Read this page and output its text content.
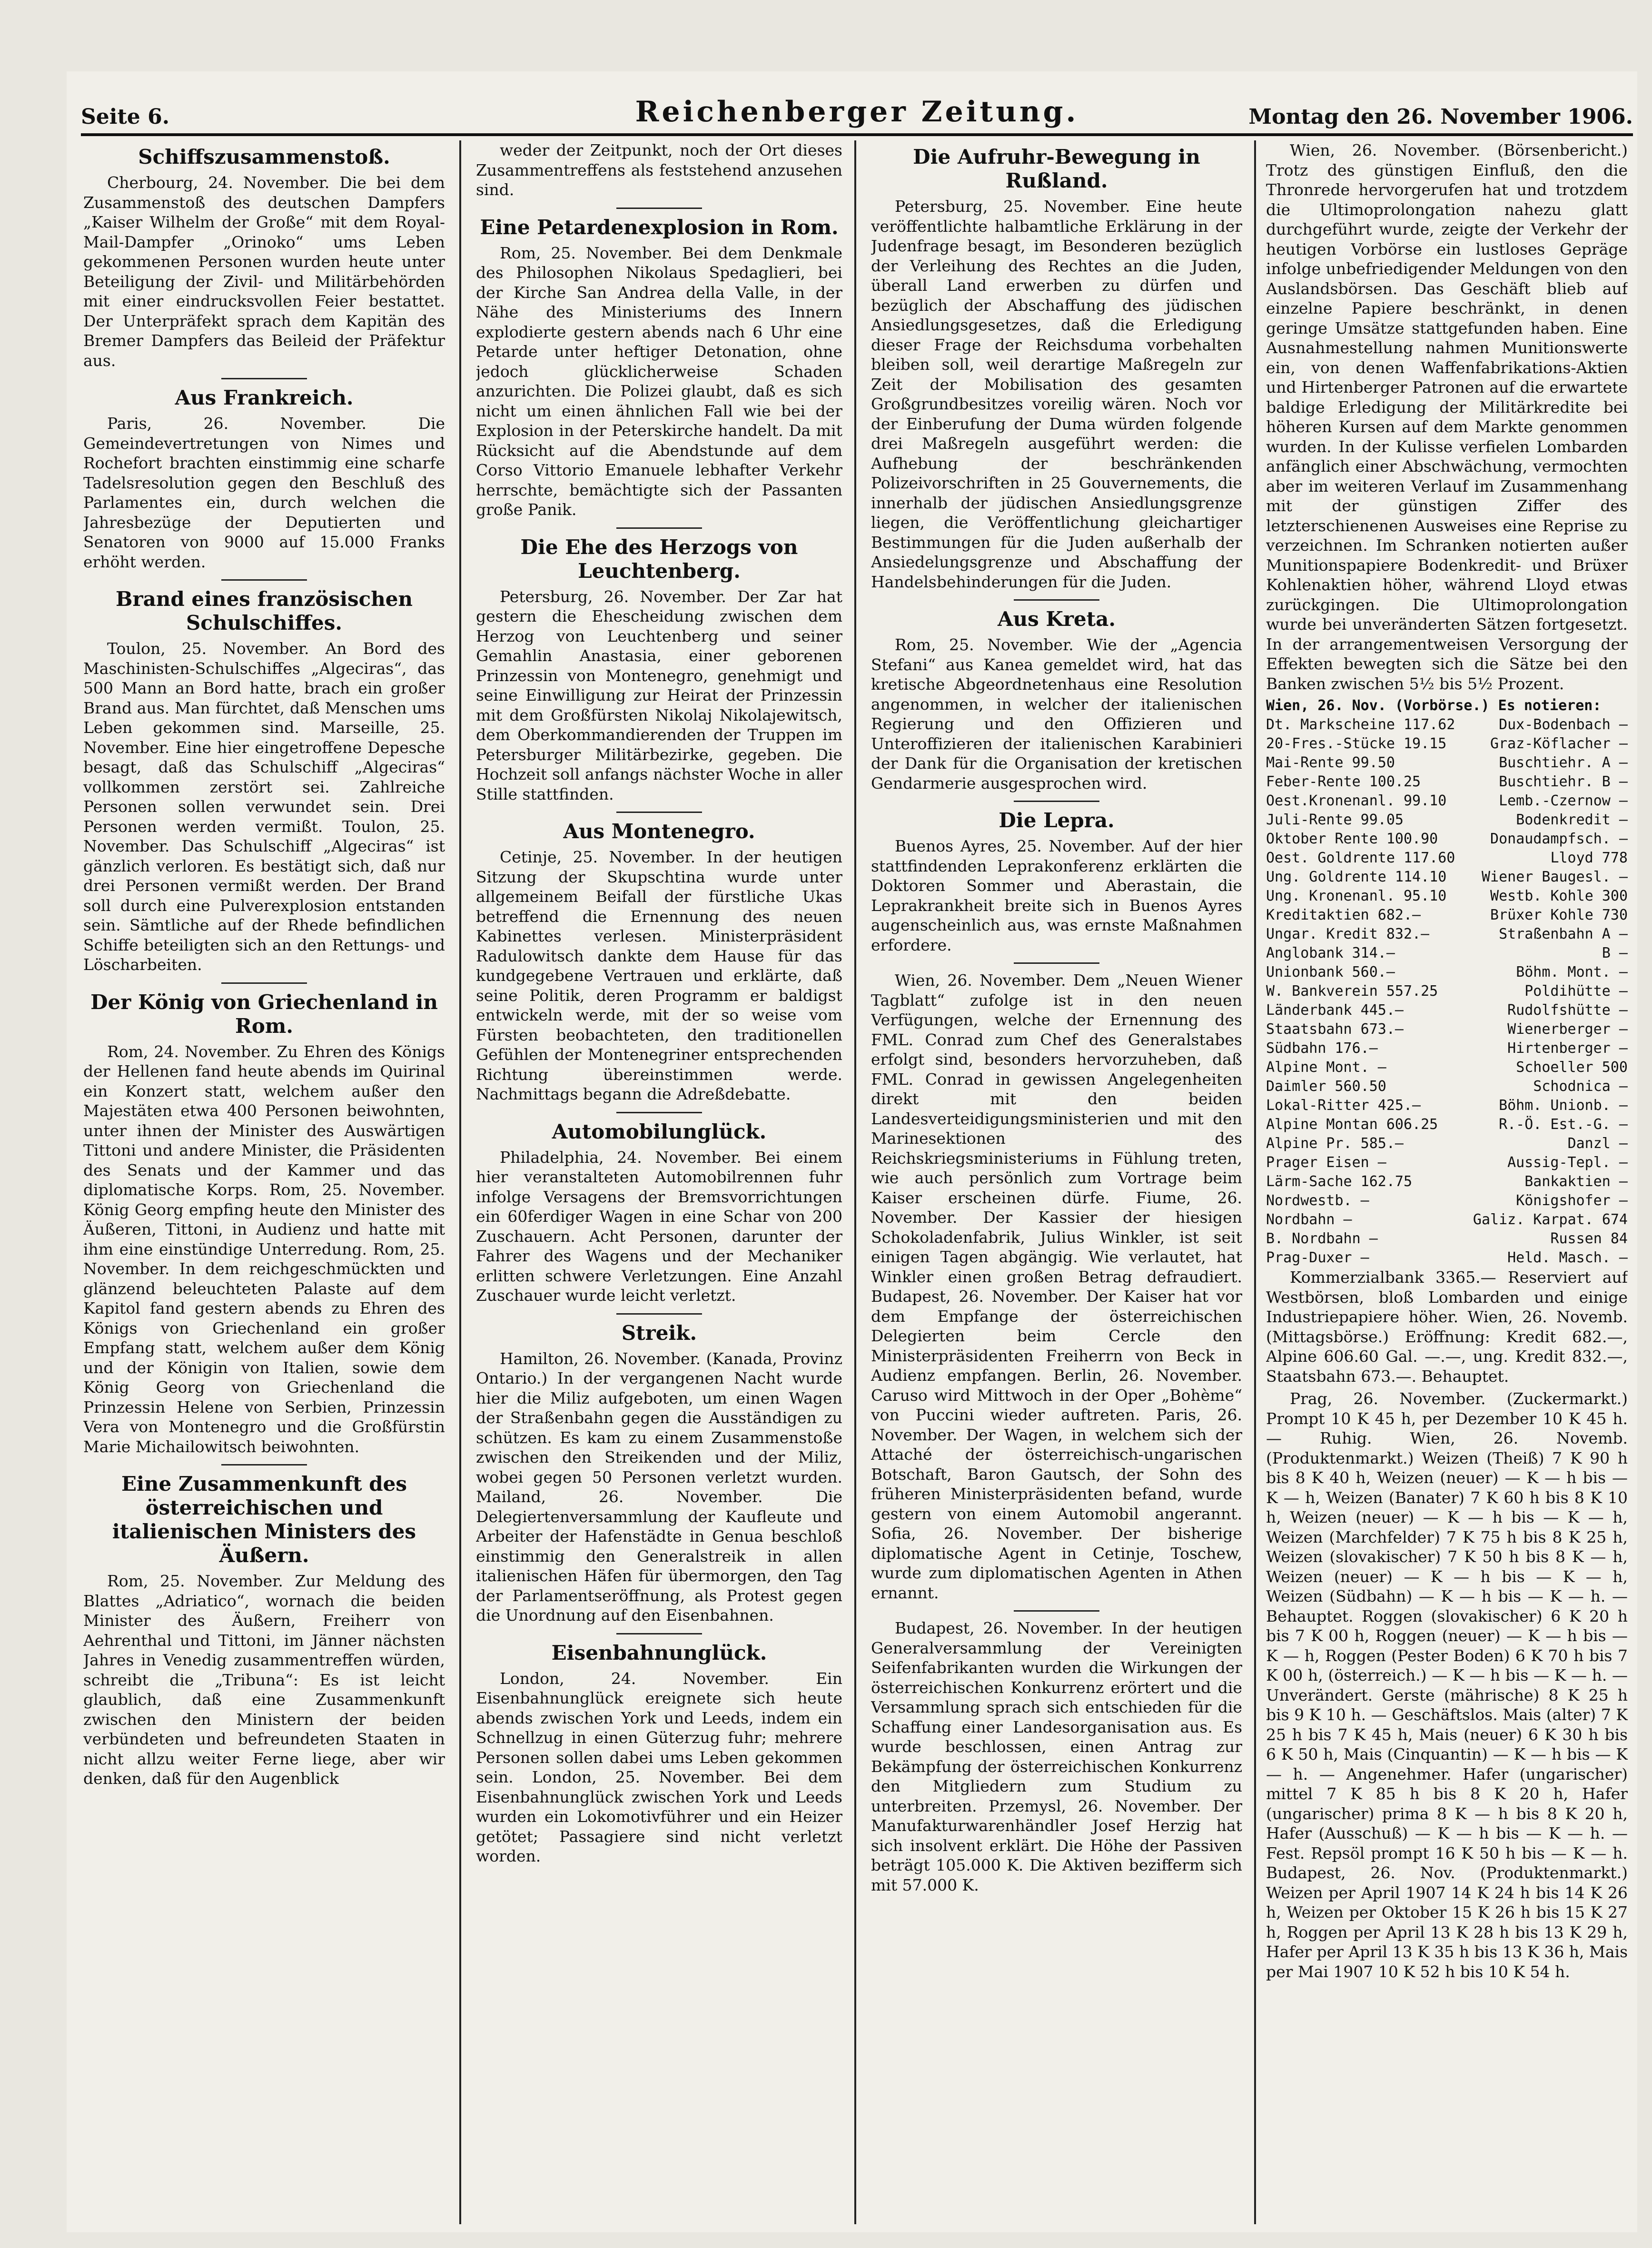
Seite 6.	Reichenberger Zeitung.	Montag den 26. November 1906.
Schiffszusammenstoß.

Cherbourg, 24. November. Die bei dem Zusammenstoß des deutschen Dampfers „Kaiser Wilhelm der Große“ mit dem Royal-Mail-Dampfer „Orinoko“ ums Leben gekommenen Personen wurden heute unter Beteiligung der Zivil- und Militärbehörden mit einer eindrucksvollen Feier bestattet. Der Unterpräfekt sprach dem Kapitän des Bremer Dampfers das Beileid der Präfektur aus.

Aus Frankreich.

Paris, 26. November. Die Gemeindevertretungen von Nimes und Rochefort brachten einstimmig eine scharfe Tadelsresolution gegen den Beschluß des Parlamentes ein, durch welchen die Jahresbezüge der Deputierten und Senatoren von 9000 auf 15.000 Franks erhöht werden.

Brand eines französischen Schulschiffes.

Toulon, 25. November. An Bord des Maschinisten-Schulschiffes „Algeciras“, das 500 Mann an Bord hatte, brach ein großer Brand aus. Man fürchtet, daß Menschen ums Leben gekommen sind. Marseille, 25. November. Eine hier eingetroffene Depesche besagt, daß das Schulschiff „Algeciras“ vollkommen zerstört sei. Zahlreiche Personen sollen verwundet sein. Drei Personen werden vermißt. Toulon, 25. November. Das Schulschiff „Algeciras“ ist gänzlich verloren. Es bestätigt sich, daß nur drei Personen vermißt werden. Der Brand soll durch eine Pulverexplosion entstanden sein. Sämtliche auf der Rhede befindlichen Schiffe beteiligten sich an den Rettungs- und Löscharbeiten.

Der König von Griechenland in Rom.

Rom, 24. November. Zu Ehren des Königs der Hellenen fand heute abends im Quirinal ein Konzert statt, welchem außer den Majestäten etwa 400 Personen beiwohnten, unter ihnen der Minister des Auswärtigen Tittoni und andere Minister, die Präsidenten des Senats und der Kammer und das diplomatische Korps. Rom, 25. November. König Georg empfing heute den Minister des Äußeren, Tittoni, in Audienz und hatte mit ihm eine einstündige Unterredung. Rom, 25. November. In dem reichgeschmückten und glänzend beleuchteten Palaste auf dem Kapitol fand gestern abends zu Ehren des Königs von Griechenland ein großer Empfang statt, welchem außer dem König und der Königin von Italien, sowie dem König Georg von Griechenland die Prinzessin Helene von Serbien, Prinzessin Vera von Montenegro und die Großfürstin Marie Michailowitsch beiwohnten.

Eine Zusammenkunft des österreichischen und italienischen Ministers des Äußern.

Rom, 25. November. Zur Meldung des Blattes „Adriatico“, wornach die beiden Minister des Äußern, Freiherr von Aehrenthal und Tittoni, im Jänner nächsten Jahres in Venedig zusammentreffen würden, schreibt die „Tribuna“: Es ist leicht glaublich, daß eine Zusammenkunft zwischen den Ministern der beiden verbündeten und befreundeten Staaten in nicht allzu weiter Ferne liege, aber wir denken, daß für den Augenblick

weder der Zeitpunkt, noch der Ort dieses Zusammentreffens als feststehend anzusehen sind.

Eine Petardenexplosion in Rom.

Rom, 25. November. Bei dem Denkmale des Philosophen Nikolaus Spedaglieri, bei der Kirche San Andrea della Valle, in der Nähe des Ministeriums des Innern explodierte gestern abends nach 6 Uhr eine Petarde unter heftiger Detonation, ohne jedoch glücklicherweise Schaden anzurichten. Die Polizei glaubt, daß es sich nicht um einen ähnlichen Fall wie bei der Explosion in der Peterskirche handelt. Da mit Rücksicht auf die Abendstunde auf dem Corso Vittorio Emanuele lebhafter Verkehr herrschte, bemächtigte sich der Passanten große Panik.

Die Ehe des Herzogs von Leuchtenberg.

Petersburg, 26. November. Der Zar hat gestern die Ehescheidung zwischen dem Herzog von Leuchtenberg und seiner Gemahlin Anastasia, einer geborenen Prinzessin von Montenegro, genehmigt und seine Einwilligung zur Heirat der Prinzessin mit dem Großfürsten Nikolaj Nikolajewitsch, dem Oberkommandierenden der Truppen im Petersburger Militärbezirke, gegeben. Die Hochzeit soll anfangs nächster Woche in aller Stille stattfinden.

Aus Montenegro.

Cetinje, 25. November. In der heutigen Sitzung der Skupschtina wurde unter allgemeinem Beifall der fürstliche Ukas betreffend die Ernennung des neuen Kabinettes verlesen. Ministerpräsident Radulowitsch dankte dem Hause für das kundgegebene Vertrauen und erklärte, daß seine Politik, deren Programm er baldigst entwickeln werde, mit der so weise vom Fürsten beobachteten, den traditionellen Gefühlen der Montenegriner entsprechenden Richtung übereinstimmen werde. Nachmittags begann die Adreßdebatte.

Automobilunglück.

Philadelphia, 24. November. Bei einem hier veranstalteten Automobilrennen fuhr infolge Versagens der Bremsvorrichtungen ein 60ferdiger Wagen in eine Schar von 200 Zuschauern. Acht Personen, darunter der Fahrer des Wagens und der Mechaniker erlitten schwere Verletzungen. Eine Anzahl Zuschauer wurde leicht verletzt.

Streik.

Hamilton, 26. November. (Kanada, Provinz Ontario.) In der vergangenen Nacht wurde hier die Miliz aufgeboten, um einen Wagen der Straßenbahn gegen die Ausständigen zu schützen. Es kam zu einem Zusammenstoße zwischen den Streikenden und der Miliz, wobei gegen 50 Personen verletzt wurden. Mailand, 26. November. Die Delegiertenversammlung der Kaufleute und Arbeiter der Hafenstädte in Genua beschloß einstimmig den Generalstreik in allen italienischen Häfen für übermorgen, den Tag der Parlamentseröffnung, als Protest gegen die Unordnung auf den Eisenbahnen.

Eisenbahnunglück.

London, 24. November. Ein Eisenbahnunglück ereignete sich heute abends zwischen York und Leeds, indem ein Schnellzug in einen Güterzug fuhr; mehrere Personen sollen dabei ums Leben gekommen sein. London, 25. November. Bei dem Eisenbahnunglück zwischen York und Leeds wurden ein Lokomotivführer und ein Heizer getötet; Passagiere sind nicht verletzt worden.

Die Aufruhr-Bewegung in Rußland.

Petersburg, 25. November. Eine heute veröffentlichte halbamtliche Erklärung in der Judenfrage besagt, im Besonderen bezüglich der Verleihung des Rechtes an die Juden, überall Land erwerben zu dürfen und bezüglich der Abschaffung des jüdischen Ansiedlungsgesetzes, daß die Erledigung dieser Frage der Reichsduma vorbehalten bleiben soll, weil derartige Maßregeln zur Zeit der Mobilisation des gesamten Großgrundbesitzes voreilig wären. Noch vor der Einberufung der Duma würden folgende drei Maßregeln ausgeführt werden: die Aufhebung der beschränkenden Polizeivorschriften in 25 Gouvernements, die innerhalb der jüdischen Ansiedlungsgrenze liegen, die Veröffentlichung gleichartiger Bestimmungen für die Juden außerhalb der Ansiedelungsgrenze und Abschaffung der Handelsbehinderungen für die Juden.

Aus Kreta.

Rom, 25. November. Wie der „Agencia Stefani“ aus Kanea gemeldet wird, hat das kretische Abgeordnetenhaus eine Resolution angenommen, in welcher der italienischen Regierung und den Offizieren und Unteroffizieren der italienischen Karabinieri der Dank für die Organisation der kretischen Gendarmerie ausgesprochen wird.

Die Lepra.

Buenos Ayres, 25. November. Auf der hier stattfindenden Leprakonferenz erklärten die Doktoren Sommer und Aberastain, die Leprakrankheit breite sich in Buenos Ayres augenscheinlich aus, was ernste Maßnahmen erfordere.

Wien, 26. November. Dem „Neuen Wiener Tagblatt“ zufolge ist in den neuen Verfügungen, welche der Ernennung des FML. Conrad zum Chef des Generalstabes erfolgt sind, besonders hervorzuheben, daß FML. Conrad in gewissen Angelegenheiten direkt mit den beiden Landesverteidigungsministerien und mit den Marinesektionen des Reichskriegsministeriums in Fühlung treten, wie auch persönlich zum Vortrage beim Kaiser erscheinen dürfe. Fiume, 26. November. Der Kassier der hiesigen Schokoladenfabrik, Julius Winkler, ist seit einigen Tagen abgängig. Wie verlautet, hat Winkler einen großen Betrag defraudiert. Budapest, 26. November. Der Kaiser hat vor dem Empfange der österreichischen Delegierten beim Cercle den Ministerpräsidenten Freiherrn von Beck in Audienz empfangen. Berlin, 26. November. Caruso wird Mittwoch in der Oper „Bohème“ von Puccini wieder auftreten. Paris, 26. November. Der Wagen, in welchem sich der Attaché der österreichisch-ungarischen Botschaft, Baron Gautsch, der Sohn des früheren Ministerpräsidenten befand, wurde gestern von einem Automobil angerannt. Sofia, 26. November. Der bisherige diplomatische Agent in Cetinje, Toschew, wurde zum diplomatischen Agenten in Athen ernannt.

Budapest, 26. November. In der heutigen Generalversammlung der Vereinigten Seifenfabrikanten wurden die Wirkungen der österreichischen Konkurrenz erörtert und die Versammlung sprach sich entschieden für die Schaffung einer Landesorganisation aus. Es wurde beschlossen, einen Antrag zur Bekämpfung der österreichischen Konkurrenz den Mitgliedern zum Studium zu unterbreiten. Przemysl, 26. November. Der Manufakturwarenhändler Josef Herzig hat sich insolvent erklärt. Die Höhe der Passiven beträgt 105.000 K. Die Aktiven bezifferm sich mit 57.000 K.

Wien, 26. November. (Börsenbericht.) Trotz des günstigen Einfluß, den die Thronrede hervorgerufen hat und trotzdem die Ultimoprolongation nahezu glatt durchgeführt wurde, zeigte der Verkehr der heutigen Vorbörse ein lustloses Gepräge infolge unbefriedigender Meldungen von den Auslandsbörsen. Das Geschäft blieb auf einzelne Papiere beschränkt, in denen geringe Umsätze stattgefunden haben. Eine Ausnahmestellung nahmen Munitionswerte ein, von denen Waffenfabrikations-Aktien und Hirtenberger Patronen auf die erwartete baldige Erledigung der Militärkredite bei höheren Kursen auf dem Markte genommen wurden. In der Kulisse verfielen Lombarden anfänglich einer Abschwächung, vermochten aber im weiteren Verlauf im Zusammenhang mit der günstigen Ziffer des letzterschienenen Ausweises eine Reprise zu verzeichnen. Im Schranken notierten außer Munitionspapiere Bodenkredit- und Brüxer Kohlenaktien höher, während Lloyd etwas zurückgingen. Die Ultimoprolongation wurde bei unveränderten Sätzen fortgesetzt. In der arrangementweisen Versorgung der Effekten bewegten sich die Sätze bei den Banken zwischen 5½ bis 5½ Prozent.

Wien, 26. Nov. (Vorbörse.) Es notieren:
Dt. Markscheine 117.62	Dux-Bodenbach —
20-Fres.-Stücke 19.15	Graz-Köflacher —
Mai-Rente 99.50	Buschtiehr. A —
Feber-Rente 100.25	Buschtiehr. B —
Oest.Kronenanl. 99.10	Lemb.-Czernow —
Juli-Rente 99.05	Bodenkredit —
Oktober Rente 100.90	Donaudampfsch. —
Oest. Goldrente 117.60	Lloyd 778
Ung. Goldrente 114.10 Wiener Baugesl. —
Ung. Kronenanl. 95.10	Westb. Kohle 300
Kreditaktien 682.—	Brüxer Kohle 730
Ungar. Kredit 832.—	Straßenbahn A —
Anglobank 314.—	B —
Unionbank 560.—	Böhm. Mont. —
W. Bankverein 557.25	Poldihütte —
Länderbank 445.—	Rudolfshütte —
Staatsbahn 673.—	Wienerberger —
Südbahn 176.—	Hirtenberger —
Alpine Mont. —	Schoeller 500
Daimler 560.50	Schodnica —
Lokal-Ritter 425.—	Böhm. Unionb. —
Alpine Montan 606.25	R.-Ö. Est.-G. —
Alpine Pr. 585.—	Danzl —
Prager Eisen —	Aussig-Tepl. —
Lärm-Sache 162.75	Bankaktien —
Nordwestb. —	Königshofer —
Nordbahn —	Galiz. Karpat. 674
B. Nordbahn —	Russen 84
Prag-Duxer —	Held. Masch. —

Kommerzialbank 3365.— Reserviert auf Westbörsen, bloß Lombarden und einige Industriepapiere höher. Wien, 26. Novemb. (Mittagsbörse.) Eröffnung: Kredit 682.—, Alpine 606.60 Gal. —.—, ung. Kredit 832.—, Staatsbahn 673.—. Behauptet.

Prag, 26. November. (Zuckermarkt.) Prompt 10 K 45 h, per Dezember 10 K 45 h. — Ruhig. Wien, 26. Novemb. (Produktenmarkt.) Weizen (Theiß) 7 K 90 h bis 8 K 40 h, Weizen (neuer) — K — h bis — K — h, Weizen (Banater) 7 K 60 h bis 8 K 10 h, Weizen (neuer) — K — h bis — K — h, Weizen (Marchfelder) 7 K 75 h bis 8 K 25 h, Weizen (slovakischer) 7 K 50 h bis 8 K — h, Weizen (neuer) — K — h bis — K — h, Weizen (Südbahn) — K — h bis — K — h. — Behauptet. Roggen (slovakischer) 6 K 20 h bis 7 K 00 h, Roggen (neuer) — K — h bis — K — h, Roggen (Pester Boden) 6 K 70 h bis 7 K 00 h, (österreich.) — K — h bis — K — h. — Unverändert. Gerste (mährische) 8 K 25 h bis 9 K 10 h. — Geschäftslos. Mais (alter) 7 K 25 h bis 7 K 45 h, Mais (neuer) 6 K 30 h bis 6 K 50 h, Mais (Cinquantin) — K — h bis — K — h. — Angenehmer. Hafer (ungarischer) mittel 7 K 85 h bis 8 K 20 h, Hafer (ungarischer) prima 8 K — h bis 8 K 20 h, Hafer (Ausschuß) — K — h bis — K — h. — Fest. Repsöl prompt 16 K 50 h bis — K — h. Budapest, 26. Nov. (Produktenmarkt.) Weizen per April 1907 14 K 24 h bis 14 K 26 h, Weizen per Oktober 15 K 26 h bis 15 K 27 h, Roggen per April 13 K 28 h bis 13 K 29 h, Hafer per April 13 K 35 h bis 13 K 36 h, Mais per Mai 1907 10 K 52 h bis 10 K 54 h.
